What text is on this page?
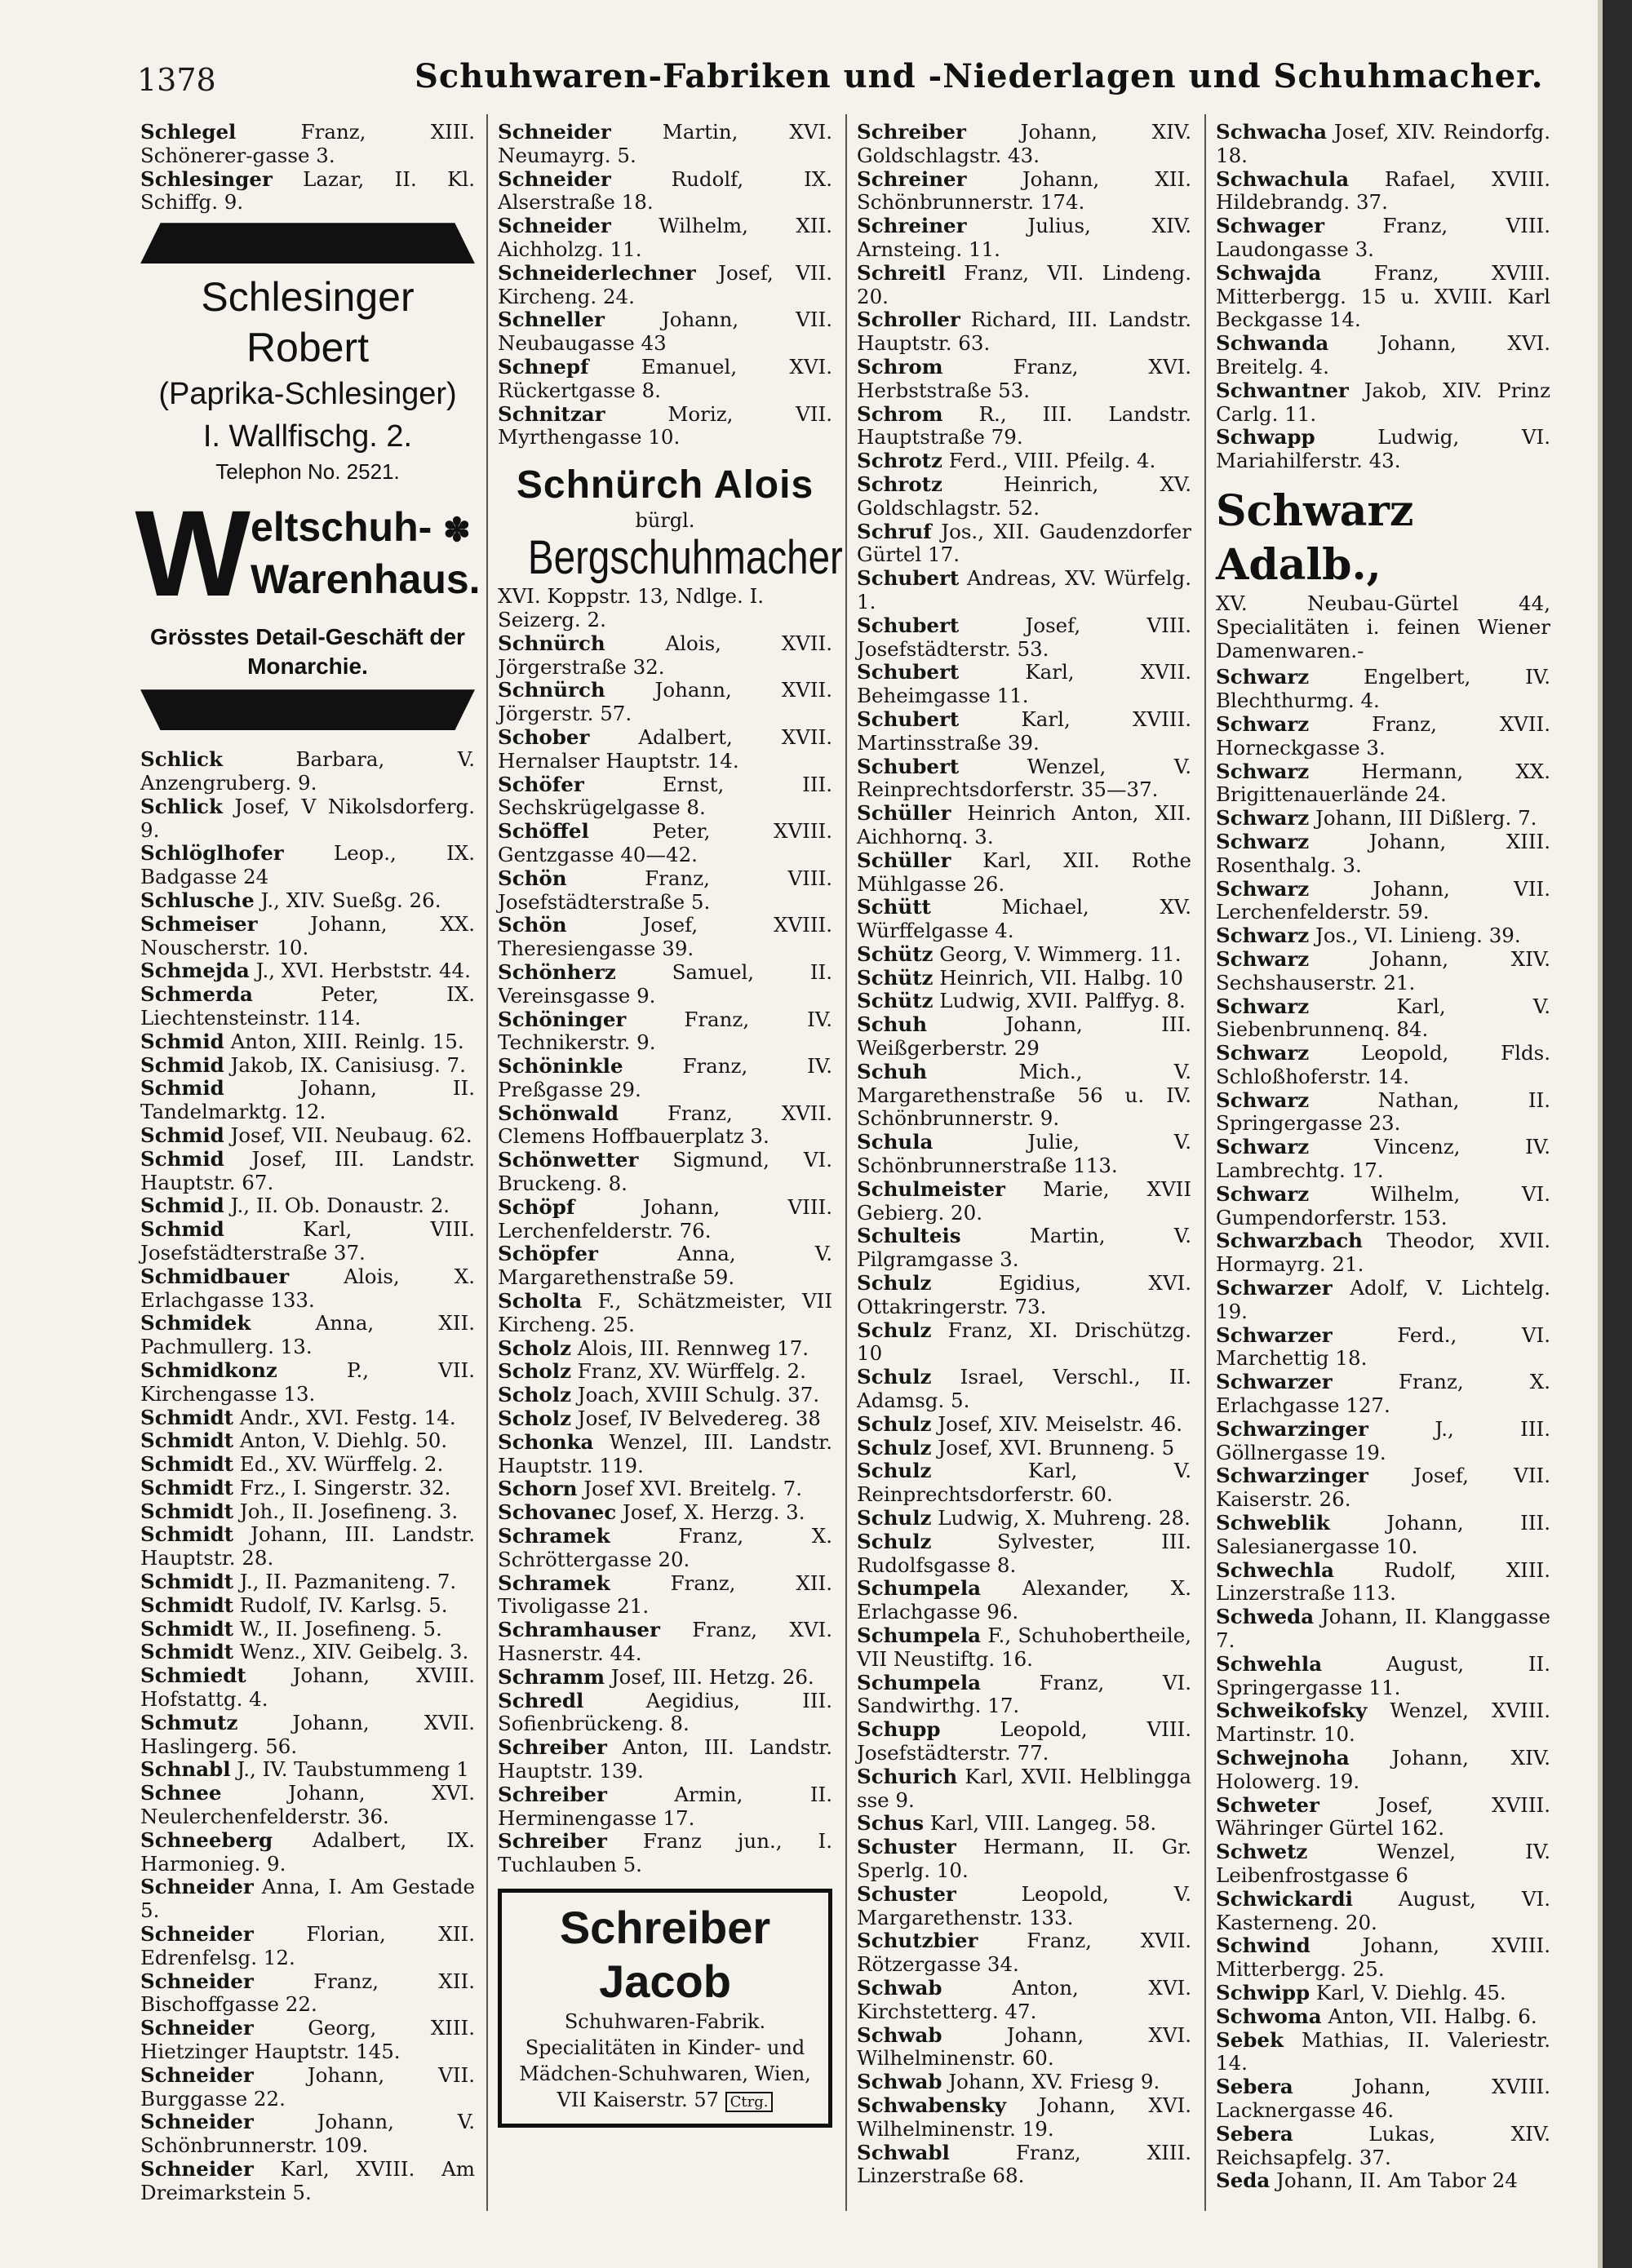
1378	Schuhwaren-Fabriken und -Niederlagen und Schuhmacher.

Schlegel Franz, XIII. Schönerer-gasse 3.

Schlesinger Lazar, II. Kl. Schiffg. 9.

Schlesinger Robert
(Paprika-Schlesinger)
I. Wallfischg. 2.
Telephon No. 2521.
W eltschuh- ✽
Warenhaus.
Grösstes Detail-Geschäft der Monarchie.

Schlick Barbara, V. Anzengruberg. 9.

Schlick Josef, V Nikolsdorferg. 9.

Schlöglhofer Leop., IX. Badgasse 24

Schlusche J., XIV. Sueßg. 26.

Schmeiser Johann, XX. Nouscherstr. 10.

Schmejda J., XVI. Herbststr. 44.

Schmerda Peter, IX. Liechtensteinstr. 114.

Schmid Anton, XIII. Reinlg. 15.

Schmid Jakob, IX. Canisiusg. 7.

Schmid Johann, II. Tandelmarktg. 12.

Schmid Josef, VII. Neubaug. 62.

Schmid Josef, III. Landstr. Hauptstr. 67.

Schmid J., II. Ob. Donaustr. 2.

Schmid Karl, VIII. Josefstädterstraße 37.

Schmidbauer Alois, X. Erlachgasse 133.

Schmidek Anna, XII. Pachmullerg. 13.

Schmidkonz P., VII. Kirchengasse 13.

Schmidt Andr., XVI. Festg. 14.

Schmidt Anton, V. Diehlg. 50.

Schmidt Ed., XV. Würffelg. 2.

Schmidt Frz., I. Singerstr. 32.

Schmidt Joh., II. Josefineng. 3.

Schmidt Johann, III. Landstr. Hauptstr. 28.

Schmidt J., II. Pazmaniteng. 7.

Schmidt Rudolf, IV. Karlsg. 5.

Schmidt W., II. Josefineng. 5.

Schmidt Wenz., XIV. Geibelg. 3.

Schmiedt Johann, XVIII. Hofstattg. 4.

Schmutz Johann, XVII. Haslingerg. 56.

Schnabl J., IV. Taubstummeng 1

Schnee Johann, XVI. Neulerchenfelderstr. 36.

Schneeberg Adalbert, IX. Harmonieg. 9.

Schneider Anna, I. Am Gestade 5.

Schneider Florian, XII. Edrenfelsg. 12.

Schneider Franz, XII. Bischoffgasse 22.

Schneider Georg, XIII. Hietzinger Hauptstr. 145.

Schneider Johann, VII. Burggasse 22.

Schneider Johann, V. Schönbrunnerstr. 109.

Schneider Karl, XVIII. Am Dreimarkstein 5.

Schneider Martin, XVI. Neumayrg. 5.

Schneider Rudolf, IX. Alserstraße 18.

Schneider Wilhelm, XII. Aichholzg. 11.

Schneiderlechner Josef, VII. Kircheng. 24.

Schneller Johann, VII. Neubaugasse 43

Schnepf Emanuel, XVI. Rückertgasse 8.

Schnitzar Moriz, VII. Myrthengasse 10.

Schnürch Alois
bürgl.
Bergschuhmacher
XVI. Koppstr. 13, Ndlge. I. Seizerg. 2.

Schnürch Alois, XVII. Jörgerstraße 32.

Schnürch Johann, XVII. Jörgerstr. 57.

Schober Adalbert, XVII. Hernalser Hauptstr. 14.

Schöfer Ernst, III. Sechskrügelgasse 8.

Schöffel Peter, XVIII. Gentzgasse 40—42.

Schön Franz, VIII. Josefstädterstraße 5.

Schön Josef, XVIII. Theresiengasse 39.

Schönherz Samuel, II. Vereinsgasse 9.

Schöninger Franz, IV. Technikerstr. 9.

Schöninkle Franz, IV. Preßgasse 29.

Schönwald Franz, XVII. Clemens Hoffbauerplatz 3.

Schönwetter Sigmund, VI. Bruckeng. 8.

Schöpf Johann, VIII. Lerchenfelderstr. 76.

Schöpfer Anna, V. Margarethenstraße 59.

Scholta F., Schätzmeister, VII Kircheng. 25.

Scholz Alois, III. Rennweg 17.

Scholz Franz, XV. Würffelg. 2.

Scholz Joach, XVIII Schulg. 37.

Scholz Josef, IV Belvedereg. 38

Schonka Wenzel, III. Landstr. Hauptstr. 119.

Schorn Josef XVI. Breitelg. 7.

Schovanec Josef, X. Herzg. 3.

Schramek Franz, X. Schröttergasse 20.

Schramek Franz, XII. Tivoligasse 21.

Schramhauser Franz, XVI. Hasnerstr. 44.

Schramm Josef, III. Hetzg. 26.

Schredl Aegidius, III. Sofienbrückeng. 8.

Schreiber Anton, III. Landstr. Hauptstr. 139.

Schreiber Armin, II. Herminengasse 17.

Schreiber Franz jun., I. Tuchlauben 5.

Schreiber Jacob
Schuhwaren-Fabrik. Specialitäten in Kinder- und Mädchen-Schuhwaren, Wien,
VII Kaiserstr. 57 Ctrg.

Schreiber Johann, XIV. Goldschlagstr. 43.

Schreiner Johann, XII. Schönbrunnerstr. 174.

Schreiner Julius, XIV. Arnsteing. 11.

Schreitl Franz, VII. Lindeng. 20.

Schroller Richard, III. Landstr. Hauptstr. 63.

Schrom Franz, XVI. Herbststraße 53.

Schrom R., III. Landstr. Hauptstraße 79.

Schrotz Ferd., VIII. Pfeilg. 4.

Schrotz Heinrich, XV. Goldschlagstr. 52.

Schruf Jos., XII. Gaudenzdorfer Gürtel 17.

Schubert Andreas, XV. Würfelg. 1.

Schubert Josef, VIII. Josefstädterstr. 53.

Schubert Karl, XVII. Beheimgasse 11.

Schubert Karl, XVIII. Martinsstraße 39.

Schubert Wenzel, V. Reinprechtsdorferstr. 35—37.

Schüller Heinrich Anton, XII. Aichhornq. 3.

Schüller Karl, XII. Rothe Mühlgasse 26.

Schütt Michael, XV. Würffelgasse 4.

Schütz Georg, V. Wimmerg. 11.

Schütz Heinrich, VII. Halbg. 10

Schütz Ludwig, XVII. Palffyg. 8.

Schuh Johann, III. Weißgerberstr. 29

Schuh Mich., V. Margarethenstraße 56 u. IV. Schönbrunnerstr. 9.

Schula Julie, V. Schönbrunnerstraße 113.

Schulmeister Marie, XVII Gebierg. 20.

Schulteis Martin, V. Pilgramgasse 3.

Schulz Egidius, XVI. Ottakringerstr. 73.

Schulz Franz, XI. Drischützg. 10

Schulz Israel, Verschl., II. Adamsg. 5.

Schulz Josef, XIV. Meiselstr. 46.

Schulz Josef, XVI. Brunneng. 5

Schulz Karl, V. Reinprechtsdorferstr. 60.

Schulz Ludwig, X. Muhreng. 28.

Schulz Sylvester, III. Rudolfsgasse 8.

Schumpela Alexander, X. Erlachgasse 96.

Schumpela F., Schuhobertheile, VII Neustiftg. 16.

Schumpela Franz, VI. Sandwirthg. 17.

Schupp Leopold, VIII. Josefstädterstr. 77.

Schurich Karl, XVII. Helblingga sse 9.

Schus Karl, VIII. Langeg. 58.

Schuster Hermann, II. Gr. Sperlg. 10.

Schuster Leopold, V. Margarethenstr. 133.

Schutzbier Franz, XVII. Rötzergasse 34.

Schwab Anton, XVI. Kirchstetterg. 47.

Schwab Johann, XVI. Wilhelminenstr. 60.

Schwab Johann, XV. Friesg 9.

Schwabensky Johann, XVI. Wilhelminenstr. 19.

Schwabl Franz, XIII. Linzerstraße 68.

Schwacha Josef, XIV. Reindorfg. 18.

Schwachula Rafael, XVIII. Hildebrandg. 37.

Schwager Franz, VIII. Laudongasse 3.

Schwajda Franz, XVIII. Mitterbergg. 15 u. XVIII. Karl Beckgasse 14.

Schwanda Johann, XVI. Breitelg. 4.

Schwantner Jakob, XIV. Prinz Carlg. 11.

Schwapp Ludwig, VI. Mariahilferstr. 43.

Schwarz Adalb.,
XV. Neubau-Gürtel 44, Specialitäten i. feinen Wiener Damenwaren.-

Schwarz Engelbert, IV. Blechthurmg. 4.

Schwarz Franz, XVII. Horneckgasse 3.

Schwarz Hermann, XX. Brigittenauerlände 24.

Schwarz Johann, III Dißlerg. 7.

Schwarz Johann, XIII. Rosenthalg. 3.

Schwarz Johann, VII. Lerchenfelderstr. 59.

Schwarz Jos., VI. Linieng. 39.

Schwarz Johann, XIV. Sechshauserstr. 21.

Schwarz Karl, V. Siebenbrunnenq. 84.

Schwarz Leopold, Flds. Schloßhoferstr. 14.

Schwarz Nathan, II. Springergasse 23.

Schwarz Vincenz, IV. Lambrechtg. 17.

Schwarz Wilhelm, VI. Gumpendorferstr. 153.

Schwarzbach Theodor, XVII. Hormayrg. 21.

Schwarzer Adolf, V. Lichtelg. 19.

Schwarzer Ferd., VI. Marchettig 18.

Schwarzer Franz, X. Erlachgasse 127.

Schwarzinger J., III. Göllnergasse 19.

Schwarzinger Josef, VII. Kaiserstr. 26.

Schweblik Johann, III. Salesianergasse 10.

Schwechla Rudolf, XIII. Linzerstraße 113.

Schweda Johann, II. Klanggasse 7.

Schwehla August, II. Springergasse 11.

Schweikofsky Wenzel, XVIII. Martinstr. 10.

Schwejnoha Johann, XIV. Holowerg. 19.

Schweter Josef, XVIII. Währinger Gürtel 162.

Schwetz Wenzel, IV. Leibenfrostgasse 6

Schwickardi August, VI. Kasterneng. 20.

Schwind Johann, XVIII. Mitterbergg. 25.

Schwipp Karl, V. Diehlg. 45.

Schwoma Anton, VII. Halbg. 6.

Sebek Mathias, II. Valeriestr. 14.

Sebera Johann, XVIII. Lacknergasse 46.

Sebera Lukas, XIV. Reichsapfelg. 37.

Seda Johann, II. Am Tabor 24
